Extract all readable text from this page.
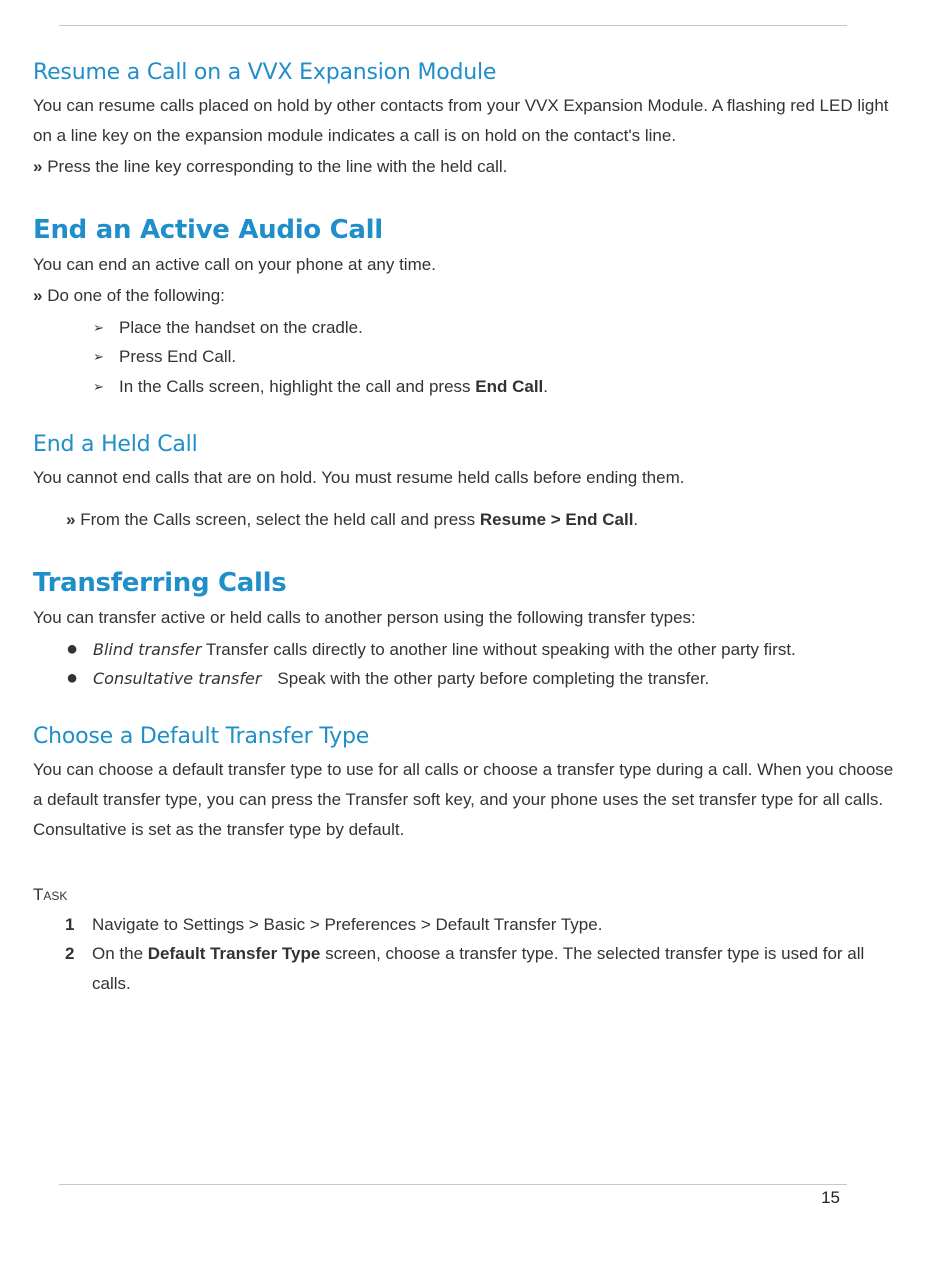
Resume a Call on a VVX Expansion Module
You can resume calls placed on hold by other contacts from your VVX Expansion Module. A flashing red LED light on a line key on the expansion module indicates a call is on hold on the contact's line.
» Press the line key corresponding to the line with the held call.
End an Active Audio Call
You can end an active call on your phone at any time.
» Do one of the following:
➢ Place the handset on the cradle.
➢ Press End Call.
➢ In the Calls screen, highlight the call and press End Call.
End a Held Call
You cannot end calls that are on hold. You must resume held calls before ending them.
» From the Calls screen, select the held call and press Resume > End Call.
Transferring Calls
You can transfer active or held calls to another person using the following transfer types:
● Blind transfer Transfer calls directly to another line without speaking with the other party first.
● Consultative transfer Speak with the other party before completing the transfer.
Choose a Default Transfer Type
You can choose a default transfer type to use for all calls or choose a transfer type during a call. When you choose a default transfer type, you can press the Transfer soft key, and your phone uses the set transfer type for all calls. Consultative is set as the transfer type by default.
TASK
1 Navigate to Settings > Basic > Preferences > Default Transfer Type.
2 On the Default Transfer Type screen, choose a transfer type. The selected transfer type is used for all calls.
15
